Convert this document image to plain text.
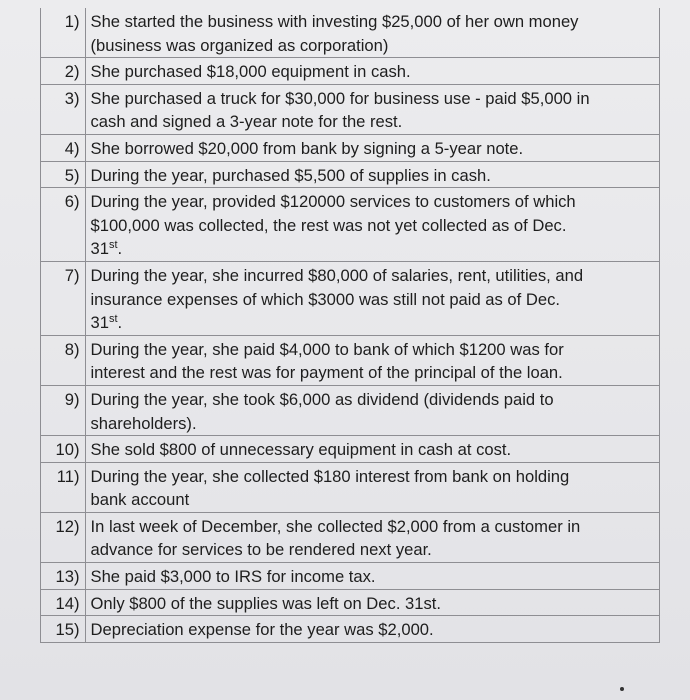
1)	She started the business with investing $25,000 of her own money
(business was organized as corporation)

2)	She purchased $18,000 equipment in cash.

3)	She purchased a truck for $30,000 for business use - paid $5,000 in
cash and signed a 3-year note for the rest.

4)	She borrowed $20,000 from bank by signing a 5-year note.

5)	During the year, purchased $5,500 of supplies in cash.

6)	During the year, provided $120000 services to customers of which
$100,000 was collected, the rest was not yet collected as of Dec.
31st.

7)	During the year, she incurred $80,000 of salaries, rent, utilities, and
insurance expenses of which $3000 was still not paid as of Dec.
31st.

8)	During the year, she paid $4,000 to bank of which $1200 was for
interest and the rest was for payment of the principal of the loan.

9)	During the year, she took $6,000 as dividend (dividends paid to
shareholders).

10)	She sold $800 of unnecessary equipment in cash at cost.

11)	During the year, she collected $180 interest from bank on holding
bank account

12)	In last week of December, she collected $2,000 from a customer in
advance for services to be rendered next year.

13)	She paid $3,000 to IRS for income tax.

14)	Only $800 of the supplies was left on Dec. 31st.

15)	Depreciation expense for the year was $2,000.
